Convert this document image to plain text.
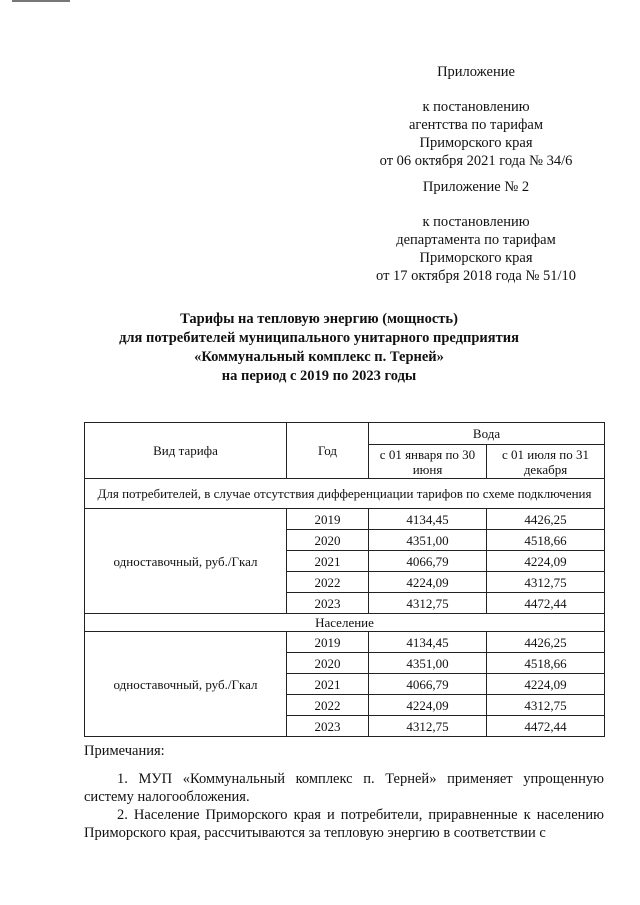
Приложение
к постановлению
агентства по тарифам
Приморского края
от 06 октября 2021 года № 34/6
Приложение № 2
к постановлению
департамента по тарифам
Приморского края
от 17 октября 2018 года № 51/10
Тарифы на тепловую энергию (мощность)
для потребителей муниципального унитарного предприятия
«Коммунальный комплекс п. Терней»
на период с 2019 по 2023 годы
Вид тарифа	Год	Вода	
		с 01 января по 30 июня	с 01 июля по 31 декабря
Для потребителей, в случае отсутствия дифференциации тарифов по схеме подключения			
одноставочный, руб./Гкал	2019	4134,45	4426,25
	2020	4351,00	4518,66
	2021	4066,79	4224,09
	2022	4224,09	4312,75
	2023	4312,75	4472,44
Население			
одноставочный, руб./Гкал	2019	4134,45	4426,25
	2020	4351,00	4518,66
	2021	4066,79	4224,09
	2022	4224,09	4312,75
	2023	4312,75	4472,44

Примечания:

1. МУП «Коммунальный комплекс п. Терней» применяет упрощенную систему налогообложения.

2. Население Приморского края и потребители, приравненные к населению Приморского края, рассчитываются за тепловую энергию в соответствии с
